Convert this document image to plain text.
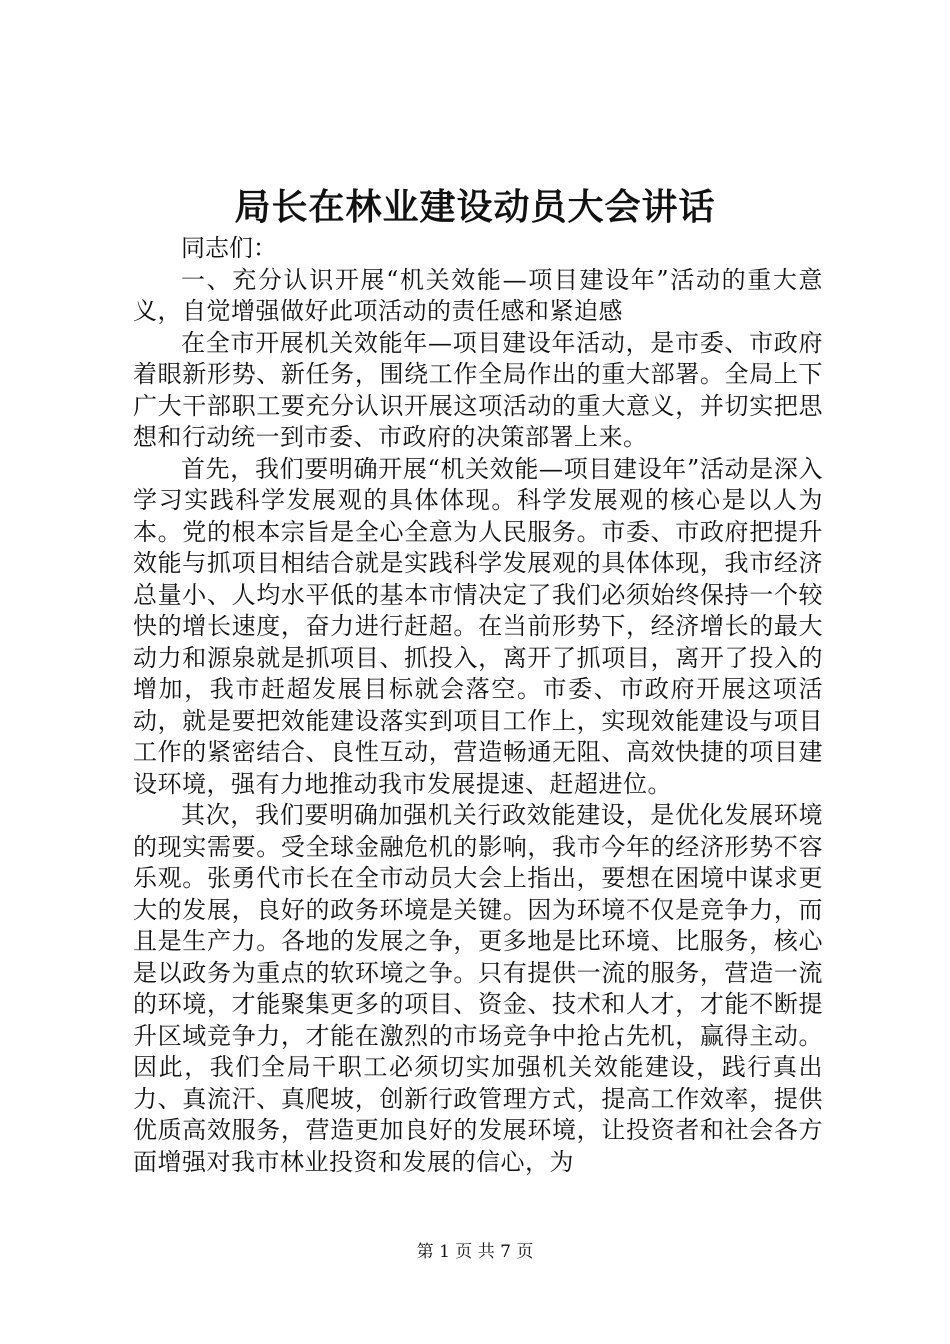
局长在林业建设动员大会讲话

同志们：

一、充分认识开展“机关效能—项目建设年”活动的重大意义，自觉增强做好此项活动的责任感和紧迫感

在全市开展机关效能年—项目建设年活动，是市委、市政府着眼新形势、新任务，围绕工作全局作出的重大部署。全局上下广大干部职工要充分认识开展这项活动的重大意义，并切实把思想和行动统一到市委、市政府的决策部署上来。

首先，我们要明确开展“机关效能—项目建设年”活动是深入学习实践科学发展观的具体体现。科学发展观的核心是以人为本。党的根本宗旨是全心全意为人民服务。市委、市政府把提升效能与抓项目相结合就是实践科学发展观的具体体现，我市经济总量小、人均水平低的基本市情决定了我们必须始终保持一个较快的增长速度，奋力进行赶超。在当前形势下，经济增长的最大动力和源泉就是抓项目、抓投入，离开了抓项目，离开了投入的增加，我市赶超发展目标就会落空。市委、市政府开展这项活动，就是要把效能建设落实到项目工作上，实现效能建设与项目工作的紧密结合、良性互动，营造畅通无阻、高效快捷的项目建设环境，强有力地推动我市发展提速、赶超进位。

其次，我们要明确加强机关行政效能建设，是优化发展环境的现实需要。受全球金融危机的影响，我市今年的经济形势不容乐观。张勇代市长在全市动员大会上指出，要想在困境中谋求更大的发展，良好的政务环境是关键。因为环境不仅是竞争力，而且是生产力。各地的发展之争，更多地是比环境、比服务，核心是以政务为重点的软环境之争。只有提供一流的服务，营造一流的环境，才能聚集更多的项目、资金、技术和人才，才能不断提升区域竞争力，才能在激烈的市场竞争中抢占先机，赢得主动。因此，我们全局干职工必须切实加强机关效能建设，践行真出力、真流汗、真爬坡，创新行政管理方式，提高工作效率，提供优质高效服务，营造更加良好的发展环境，让投资者和社会各方面增强对我市林业投资和发展的信心，为

第 1 页 共 7 页
